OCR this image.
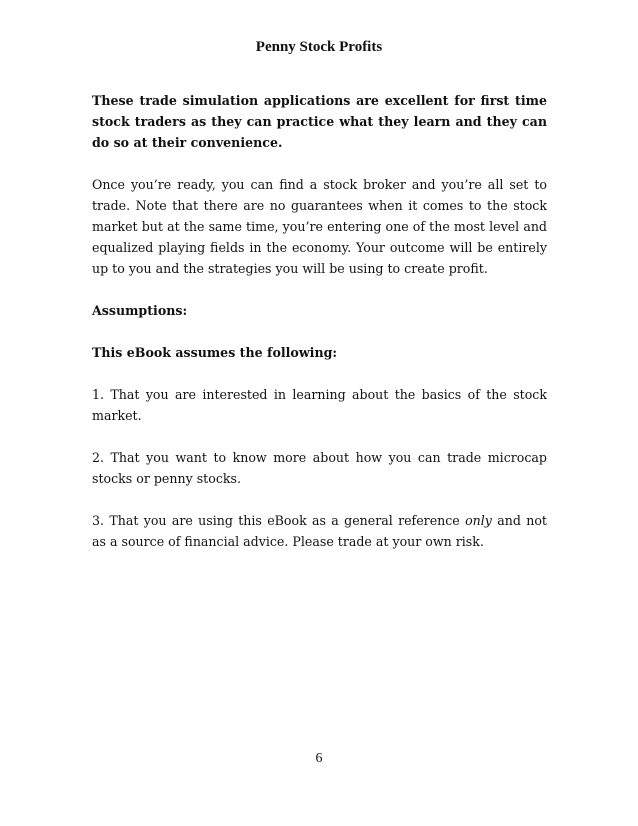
Penny Stock Profits

These trade simulation applications are excellent for first time stock traders as they can practice what they learn and they can do so at their convenience.

Once you’re ready, you can find a stock broker and you’re all set to trade. Note that there are no guarantees when it comes to the stock market but at the same time, you’re entering one of the most level and equalized playing fields in the economy. Your outcome will be entirely up to you and the strategies you will be using to create profit.

Assumptions:

This eBook assumes the following:

1. That you are interested in learning about the basics of the stock market.

2. That you want to know more about how you can trade microcap stocks or penny stocks.

3. That you are using this eBook as a general reference only and not as a source of financial advice. Please trade at your own risk.

6
